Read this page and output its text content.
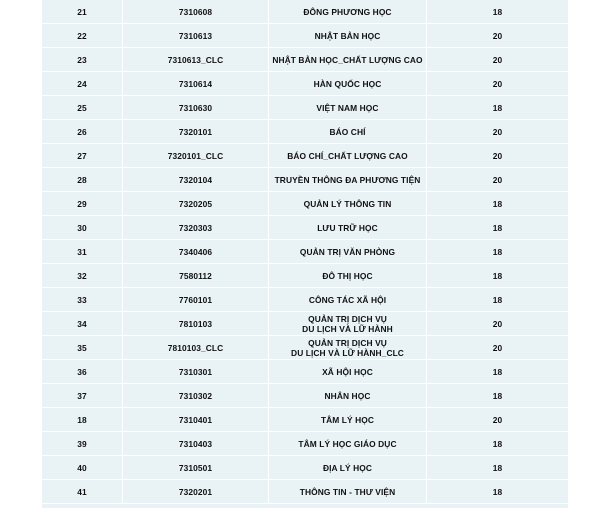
21	7310608	ĐÔNG PHƯƠNG HỌC	18
22	7310613	NHẬT BẢN HỌC	20
23	7310613_CLC	NHẬT BẢN HỌC_CHẤT LƯỢNG CAO	20
24	7310614	HÀN QUỐC HỌC	20
25	7310630	VIỆT NAM HỌC	18
26	7320101	BÁO CHÍ	20
27	7320101_CLC	BÁO CHÍ_CHẤT LƯỢNG CAO	20
28	7320104	TRUYỀN THÔNG ĐA PHƯƠNG TIỆN	20
29	7320205	QUẢN LÝ THÔNG TIN	18
30	7320303	LƯU TRỮ HỌC	18
31	7340406	QUẢN TRỊ VĂN PHÒNG	18
32	7580112	ĐÔ THỊ HỌC	18
33	7760101	CÔNG TÁC XÃ HỘI	18
34	7810103	QUẢN TRỊ DỊCH VỤ
DU LỊCH VÀ LỮ HÀNH	20
35	7810103_CLC	QUẢN TRỊ DỊCH VỤ
DU LỊCH VÀ LỮ HÀNH_CLC	20
36	7310301	XÃ HỘI HỌC	18
37	7310302	NHÂN HỌC	18
18	7310401	TÂM LÝ HỌC	20
39	7310403	TÂM LÝ HỌC GIÁO DỤC	18
40	7310501	ĐỊA LÝ HỌC	18
41	7320201	THÔNG TIN - THƯ VIỆN	18
